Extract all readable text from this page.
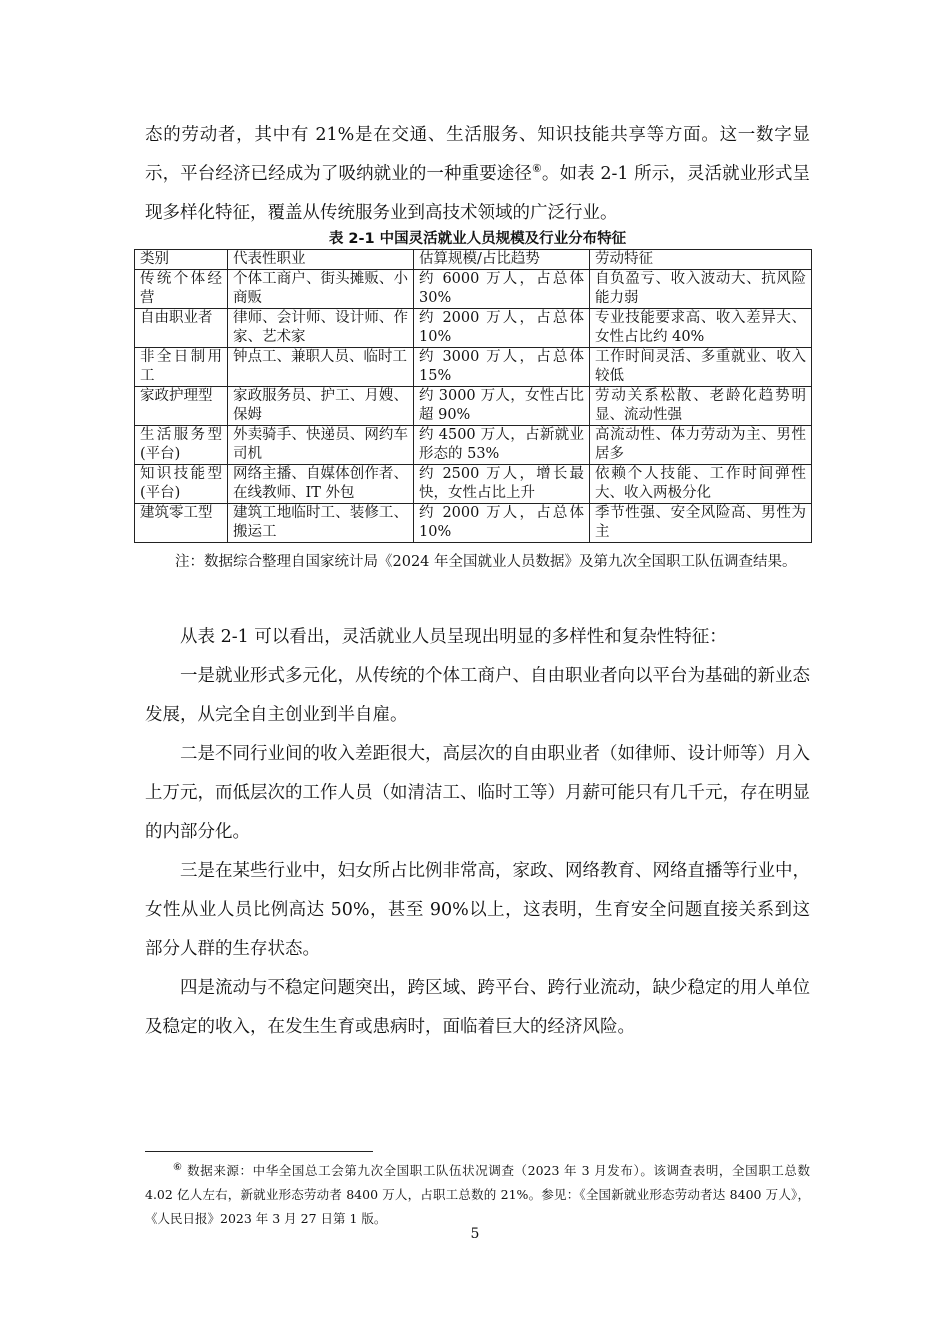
态的劳动者，其中有 21%是在交通、生活服务、知识技能共享等方面。这一数字显示，平台经济已经成为了吸纳就业的一种重要途径⑥。如表 2-1 所示，灵活就业形式呈现多样化特征，覆盖从传统服务业到高技术领域的广泛行业。

表 2-1 中国灵活就业人员规模及行业分布特征

类别	代表性职业	估算规模/占比趋势	劳动特征
传统个体经营	个体工商户、街头摊贩、小商贩	约 6000 万人，占总体 30%	自负盈亏、收入波动大、抗风险能力弱
自由职业者	律师、会计师、设计师、作家、艺术家	约 2000 万人，占总体 10%	专业技能要求高、收入差异大、女性占比约 40%
非全日制用工	钟点工、兼职人员、临时工	约 3000 万人，占总体 15%	工作时间灵活、多重就业、收入较低
家政护理型	家政服务员、护工、月嫂、保姆	约 3000 万人，女性占比超 90%	劳动关系松散、老龄化趋势明显、流动性强
生活服务型(平台)	外卖骑手、快递员、网约车司机	约 4500 万人，占新就业形态的 53%	高流动性、体力劳动为主、男性居多
知识技能型(平台)	网络主播、自媒体创作者、在线教师、IT 外包	约 2500 万人，增长最快，女性占比上升	依赖个人技能、工作时间弹性大、收入两极分化
建筑零工型	建筑工地临时工、装修工、搬运工	约 2000 万人，占总体 10%	季节性强、安全风险高、男性为主

注：数据综合整理自国家统计局《2024 年全国就业人员数据》及第九次全国职工队伍调查结果。

从表 2-1 可以看出，灵活就业人员呈现出明显的多样性和复杂性特征：

一是就业形式多元化，从传统的个体工商户、自由职业者向以平台为基础的新业态发展，从完全自主创业到半自雇。

二是不同行业间的收入差距很大，高层次的自由职业者（如律师、设计师等）月入上万元，而低层次的工作人员（如清洁工、临时工等）月薪可能只有几千元，存在明显的内部分化。

三是在某些行业中，妇女所占比例非常高，家政、网络教育、网络直播等行业中，女性从业人员比例高达 50%，甚至 90%以上，这表明，生育安全问题直接关系到这部分人群的生存状态。

四是流动与不稳定问题突出，跨区域、跨平台、跨行业流动，缺少稳定的用人单位及稳定的收入，在发生生育或患病时，面临着巨大的经济风险。

⑥ 数据来源：中华全国总工会第九次全国职工队伍状况调查（2023 年 3 月发布）。该调查表明，全国职工总数 4.02 亿人左右，新就业形态劳动者 8400 万人，占职工总数的 21%。参见：《全国新就业形态劳动者达 8400 万人》，《人民日报》2023 年 3 月 27 日第 1 版。

5
